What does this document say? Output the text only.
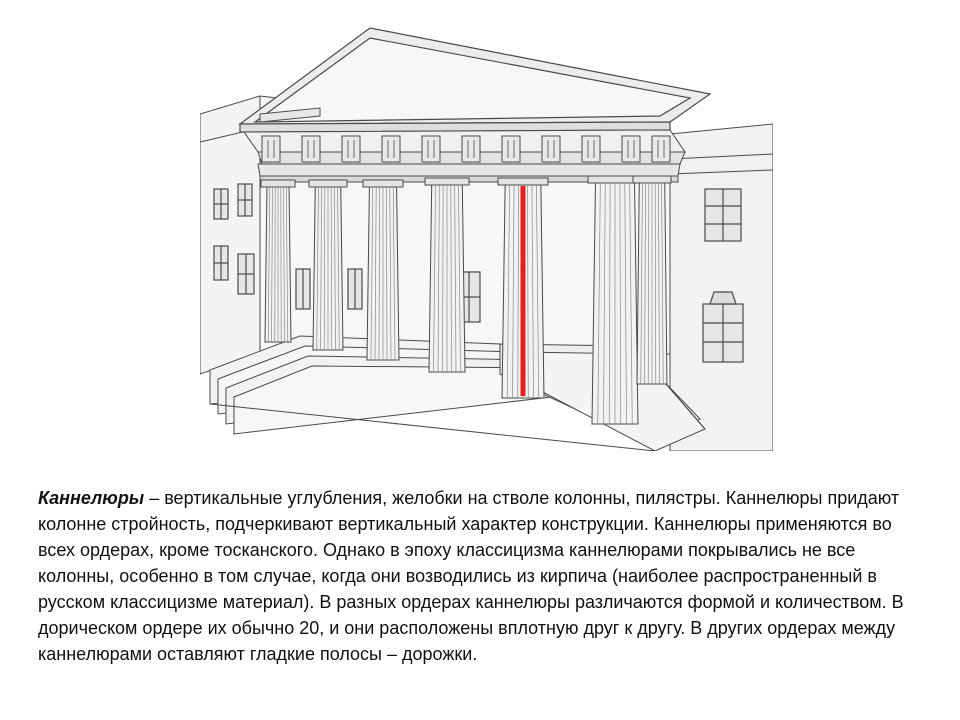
Каннелюры – вертикальные углубления, желобки на стволе колонны, пилястры. Каннелюры придают колонне стройность, подчеркивают вертикальный характер конструкции. Каннелюры применяются во всех ордерах, кроме тосканского. Однако в эпоху классицизма каннелюрами покрывались не все колонны, особенно в том случае, когда они возводились из кирпича (наиболее распространенный в русском классицизме материал). В разных ордерах каннелюры различаются формой и количеством. В дорическом ордере их обычно 20, и они расположены вплотную друг к другу. В других ордерах между каннелюрами оставляют гладкие полосы – дорожки.
